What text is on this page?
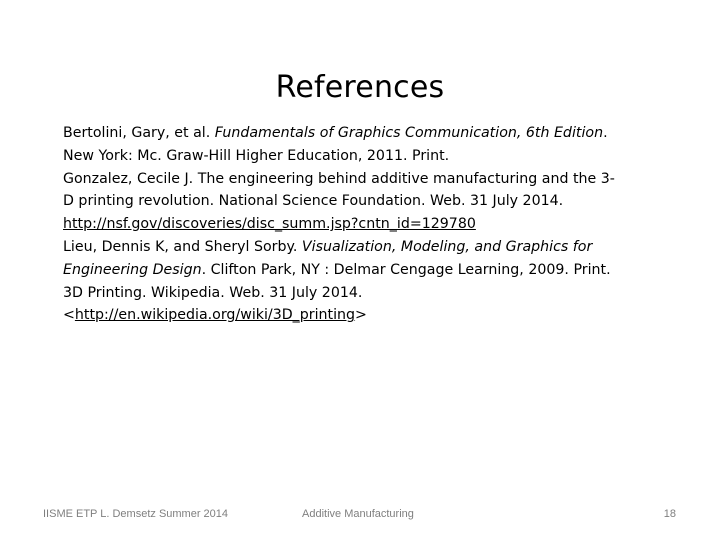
References

Bertolini, Gary, et al. Fundamentals of Graphics Communication, 6th Edition. New York: Mc. Graw-Hill Higher Education, 2011. Print.

Gonzalez, Cecile J. The engineering behind additive manufacturing and the 3-D printing revolution. National Science Foundation. Web. 31 July 2014. http://nsf.gov/discoveries/disc_summ.jsp?cntn_id=129780

Lieu, Dennis K, and Sheryl Sorby. Visualization, Modeling, and Graphics for Engineering Design. Clifton Park, NY : Delmar Cengage Learning, 2009. Print.

3D Printing. Wikipedia. Web. 31 July 2014. <http://en.wikipedia.org/wiki/3D_printing>

IISME ETP L. Demsetz Summer 2014	Additive Manufacturing	18
